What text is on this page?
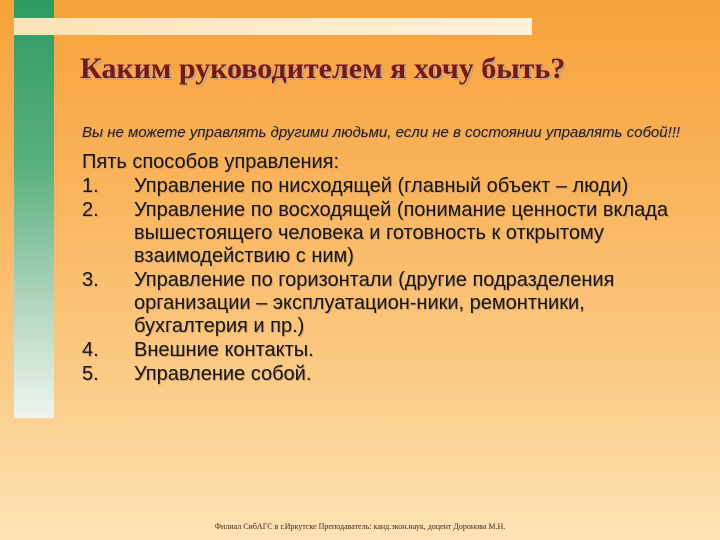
Каким руководителем я хочу быть?

Вы не можете управлять другими людьми, если не в состоянии управлять собой!!!

Пять способов управления:

1. Управление по нисходящей (главный объект – люди)
2. Управление по восходящей (понимание ценности вклада вышестоящего человека и готовность к открытому взаимодействию с ним)
3. Управление по горизонтали (другие подразделения организации – эксплуатацион-ники, ремонтники, бухгалтерия и пр.)
4. Внешние контакты.
5. Управление собой.
Филиал СибАГС в г.Иркутске Преподаватель: канд.экон.наук, доцент Доронова М.Н.
